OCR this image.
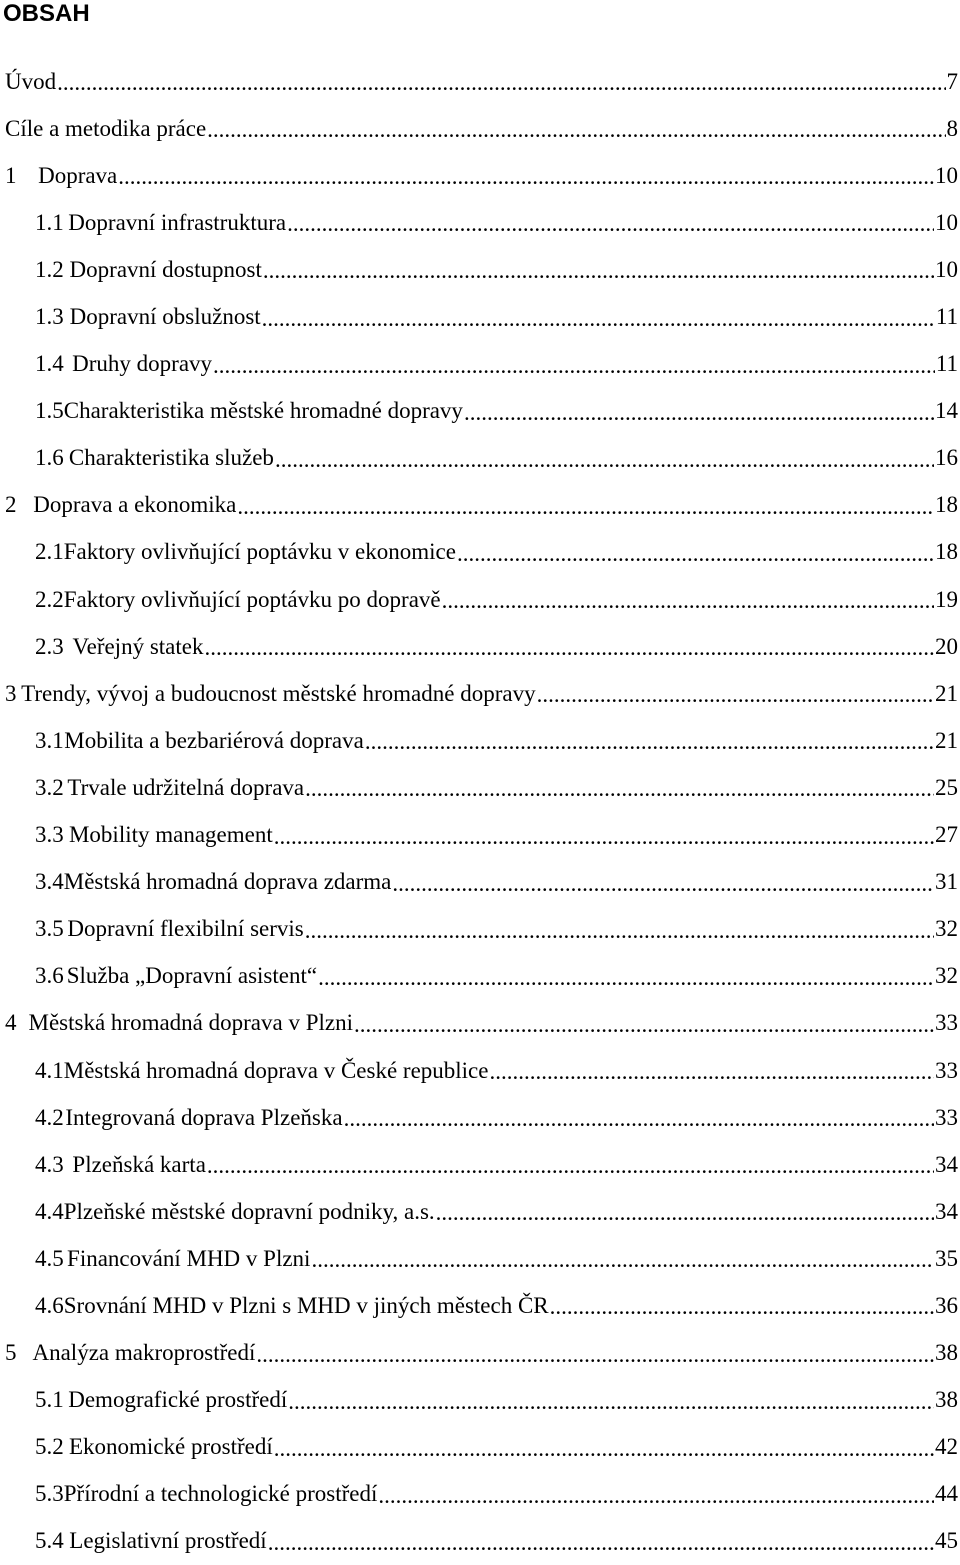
OBSAH
Úvod .....	7
Cíle a metodika práce .....	8
1 Doprava .....	10
1.1 Dopravní infrastruktura .....	10
1.2 Dopravní dostupnost .....	10
1.3 Dopravní obslužnost .....	11
1.4 Druhy dopravy .....	11
1.5 Charakteristika městské hromadné dopravy .....	14
1.6 Charakteristika služeb .....	16
2 Doprava a ekonomika .....	18
2.1 Faktory ovlivňující poptávku v ekonomice .....	18
2.2 Faktory ovlivňující poptávku po dopravě .....	19
2.3 Veřejný statek .....	20
3 Trendy, vývoj a budoucnost městské hromadné dopravy .....	21
3.1 Mobilita a bezbariérová doprava .....	21
3.2 Trvale udržitelná doprava .....	25
3.3 Mobility management .....	27
3.4 Městská hromadná doprava zdarma .....	31
3.5 Dopravní flexibilní servis .....	32
3.6 Služba „Dopravní asistent“ .....	32
4 Městská hromadná doprava v Plzni .....	33
4.1 Městská hromadná doprava v České republice .....	33
4.2 Integrovaná doprava Plzeňska .....	33
4.3 Plzeňská karta .....	34
4.4 Plzeňské městské dopravní podniky, a.s. .....	34
4.5 Financování MHD v Plzni .....	35
4.6 Srovnání MHD v Plzni s MHD v jiných městech ČR .....	36
5 Analýza makroprostředí .....	38
5.1 Demografické prostředí .....	38
5.2 Ekonomické prostředí .....	42
5.3 Přírodní a technologické prostředí .....	44
5.4 Legislativní prostředí .....	45
